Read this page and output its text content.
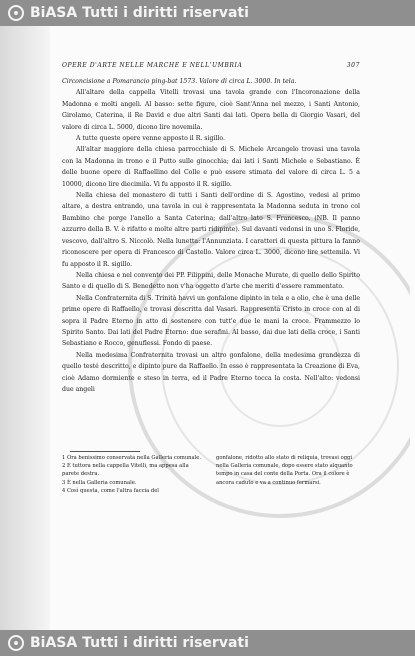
BiASA Tutti i diritti riservati
OPERE D'ARTE NELLE MARCHE E NELL'UMBRIA	307

Circoncisione a Pomarancio ping-bat 1573. Valore di circa L. 3000. In tela.

All'altare della cappella Vitelli trovasi una tavola grande con l'Incoronazione della Madonna e molti angeli. Al basso: sette figure, cioè Sant'Anna nel mezzo, i Santi Antonio, Girolamo, Caterina, il Re David e due altri Santi dai lati. Opera bella di Giorgio Vasari, del valore di circa L. 5000, dicono lire novemila.

A tutte queste opere venne apposto il R. sigillo.

All'altar maggiore della chiesa parrocchiale di S. Michele Arcangelo trovasi una tavola con la Madonna in trono e il Putto sulle ginocchia; dai lati i Santi Michele e Sebastiano. È delle buone opere di Raffaellino del Colle e può essere stimata del valore di circa L. 5 a 10000, dicono lire diecimila. Vi fu apposto il R. sigillo.

Nella chiesa del monastero di tutti i Santi dell'ordine di S. Agostino, vedesi al primo altare, a destra entrando, una tavola in cui è rappresentata la Madonna seduta in trono col Bambino che porge l'anello a Santa Caterina; dall'altro lato S. Francesco. (NB. Il panno azzurro della B. V. è rifatto e molte altre parti ridipinte). Sul davanti vedonsi in uno S. Floride, vescovo, dall'altro S. Niccolò. Nella lunetta: l'Annunziata. I caratteri di questa pittura la fanno riconoscere per opera di Francesco di Castello. Valore circa L. 3000, dicono lire settemila. Vi fu apposto il R. sigillo.

Nella chiesa e nel convento dei PP. Filippini, delle Monache Murate, di quello dello Spirito Santo e di quello di S. Benedetto non v'ha oggetto d'arte che meriti d'essere rammentato.

Nella Confraternita di S. Trinità havvi un gonfalone dipinto in tela e a olio, che è una delle prime opere di Raffaello, e trovasi descritta dal Vasari. Rappresenta Cristo in croce con al di sopra il Padre Eterno in atto di sostenere con tutt'e due le mani la croce. Frammezzo lo Spirito Santo. Dai lati del Padre Eterno: due serafini. Al basso, dai due lati della croce, i Santi Sebastiano e Rocco, genuflessi. Fondo di paese.

Nella medesima Confraternita trovasi un altro gonfalone, della medesima grandezza di quello testé descritto, e dipinto pure da Raffaello. In esso è rappresentata la Creazione di Eva, cioè Adamo dormiente e steso in terra, ed il Padre Eterno tocca la costa. Nell'alto: vedonsi due angeli

1 Ora benissimo conservata nella Galleria comunale.

2 E tuttora nella cappella Vitelli, ma appesa alla parete destra.

3 È nella Galleria comunale.

4 Così questa, come l'altra faccia del

gonfalone, ridotto allo stato di reliquia, trovasi oggi nella Galleria comunale, dopo essere stato alquanto tempo in casa del conte della Porta. Ora il colore è ancora caduto e va a continuo fermarsi.

BiASA Tutti i diritti riservati
